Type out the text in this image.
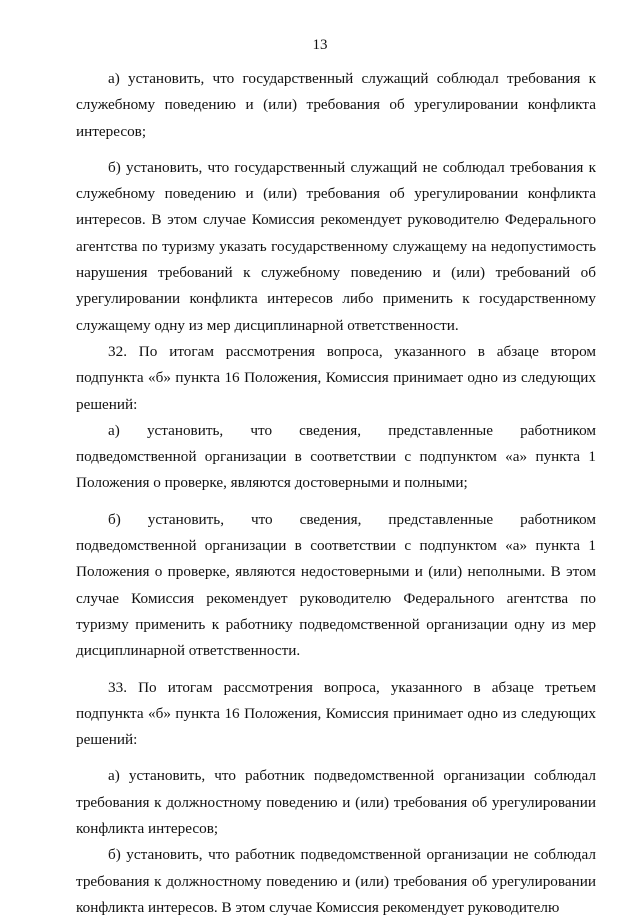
13

а) установить, что государственный служащий соблюдал требования к служебному поведению и (или) требования об урегулировании конфликта интересов;

б) установить, что государственный служащий не соблюдал требования к служебному поведению и (или) требования об урегулировании конфликта интересов. В этом случае Комиссия рекомендует руководителю Федерального агентства по туризму указать государственному служащему на недопустимость нарушения требований к служебному поведению и (или) требований об урегулировании конфликта интересов либо применить к государственному служащему одну из мер дисциплинарной ответственности.

32. По итогам рассмотрения вопроса, указанного в абзаце втором подпункта «б» пункта 16 Положения, Комиссия принимает одно из следующих решений:

а) установить, что сведения, представленные работником подведомственной организации в соответствии с подпунктом «а» пункта 1 Положения о проверке, являются достоверными и полными;

б) установить, что сведения, представленные работником подведомственной организации в соответствии с подпунктом «а» пункта 1 Положения о проверке, являются недостоверными и (или) неполными. В этом случае Комиссия рекомендует руководителю Федерального агентства по туризму применить к работнику подведомственной организации одну из мер дисциплинарной ответственности.

33. По итогам рассмотрения вопроса, указанного в абзаце третьем подпункта «б» пункта 16 Положения, Комиссия принимает одно из следующих решений:

а) установить, что работник подведомственной организации соблюдал требования к должностному поведению и (или) требования об урегулировании конфликта интересов;

б) установить, что работник подведомственной организации не соблюдал требования к должностному поведению и (или) требования об урегулировании конфликта интересов. В этом случае Комиссия рекомендует руководителю
